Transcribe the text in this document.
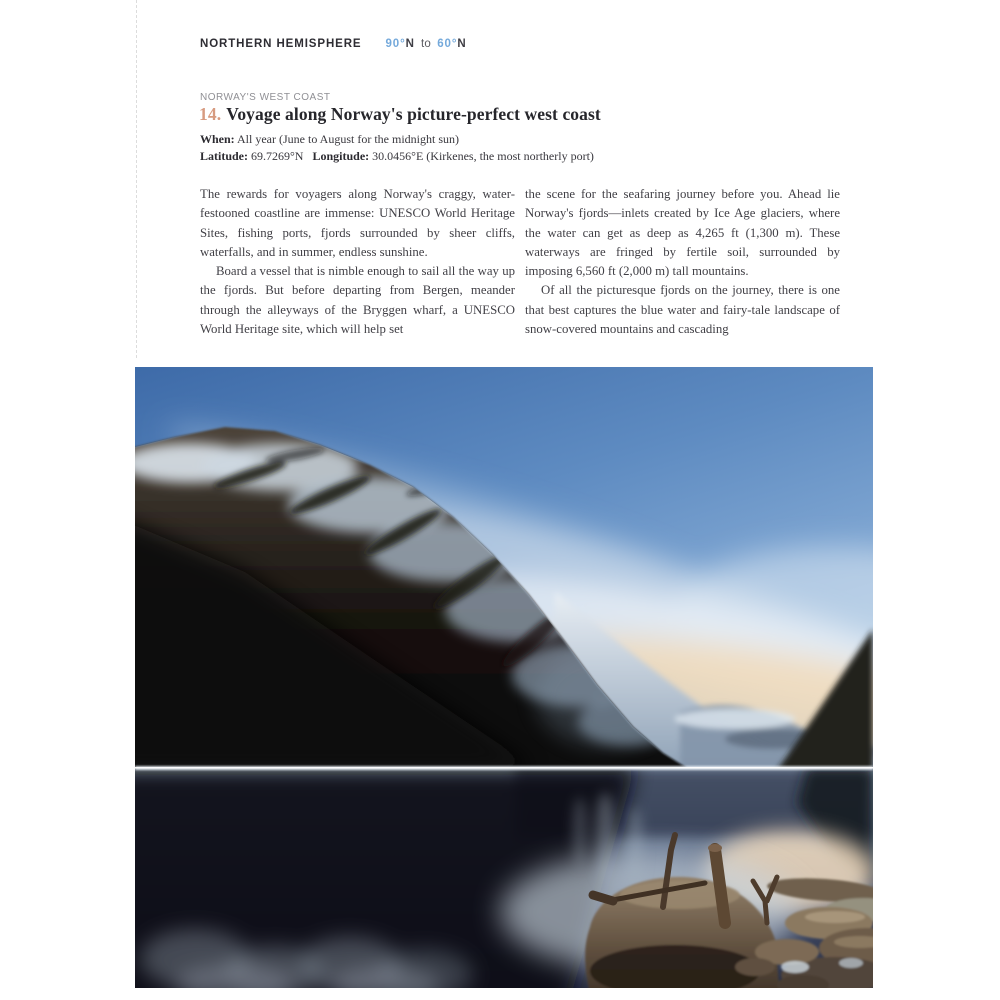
NORTHERN HEMISPHERE 90°N to 60°N
NORWAY'S WEST COAST
14. Voyage along Norway's picture-perfect west coast
When: All year (June to August for the midnight sun)
Latitude: 69.7269°N Longitude: 30.0456°E (Kirkenes, the most northerly port)

The rewards for voyagers along Norway's craggy, water-festooned coastline are immense: UNESCO World Heritage Sites, fishing ports, fjords surrounded by sheer cliffs, waterfalls, and in summer, endless sunshine.

Board a vessel that is nimble enough to sail all the way up the fjords. But before departing from Bergen, meander through the alleyways of the Bryggen wharf, a UNESCO World Heritage site, which will help set

the scene for the seafaring journey before you. Ahead lie Norway's fjords—inlets created by Ice Age glaciers, where the water can get as deep as 4,265 ft (1,300 m). These waterways are fringed by fertile soil, surrounded by imposing 6,560 ft (2,000 m) tall mountains.

Of all the picturesque fjords on the journey, there is one that best captures the blue water and fairy-tale landscape of snow-covered mountains and cascading
